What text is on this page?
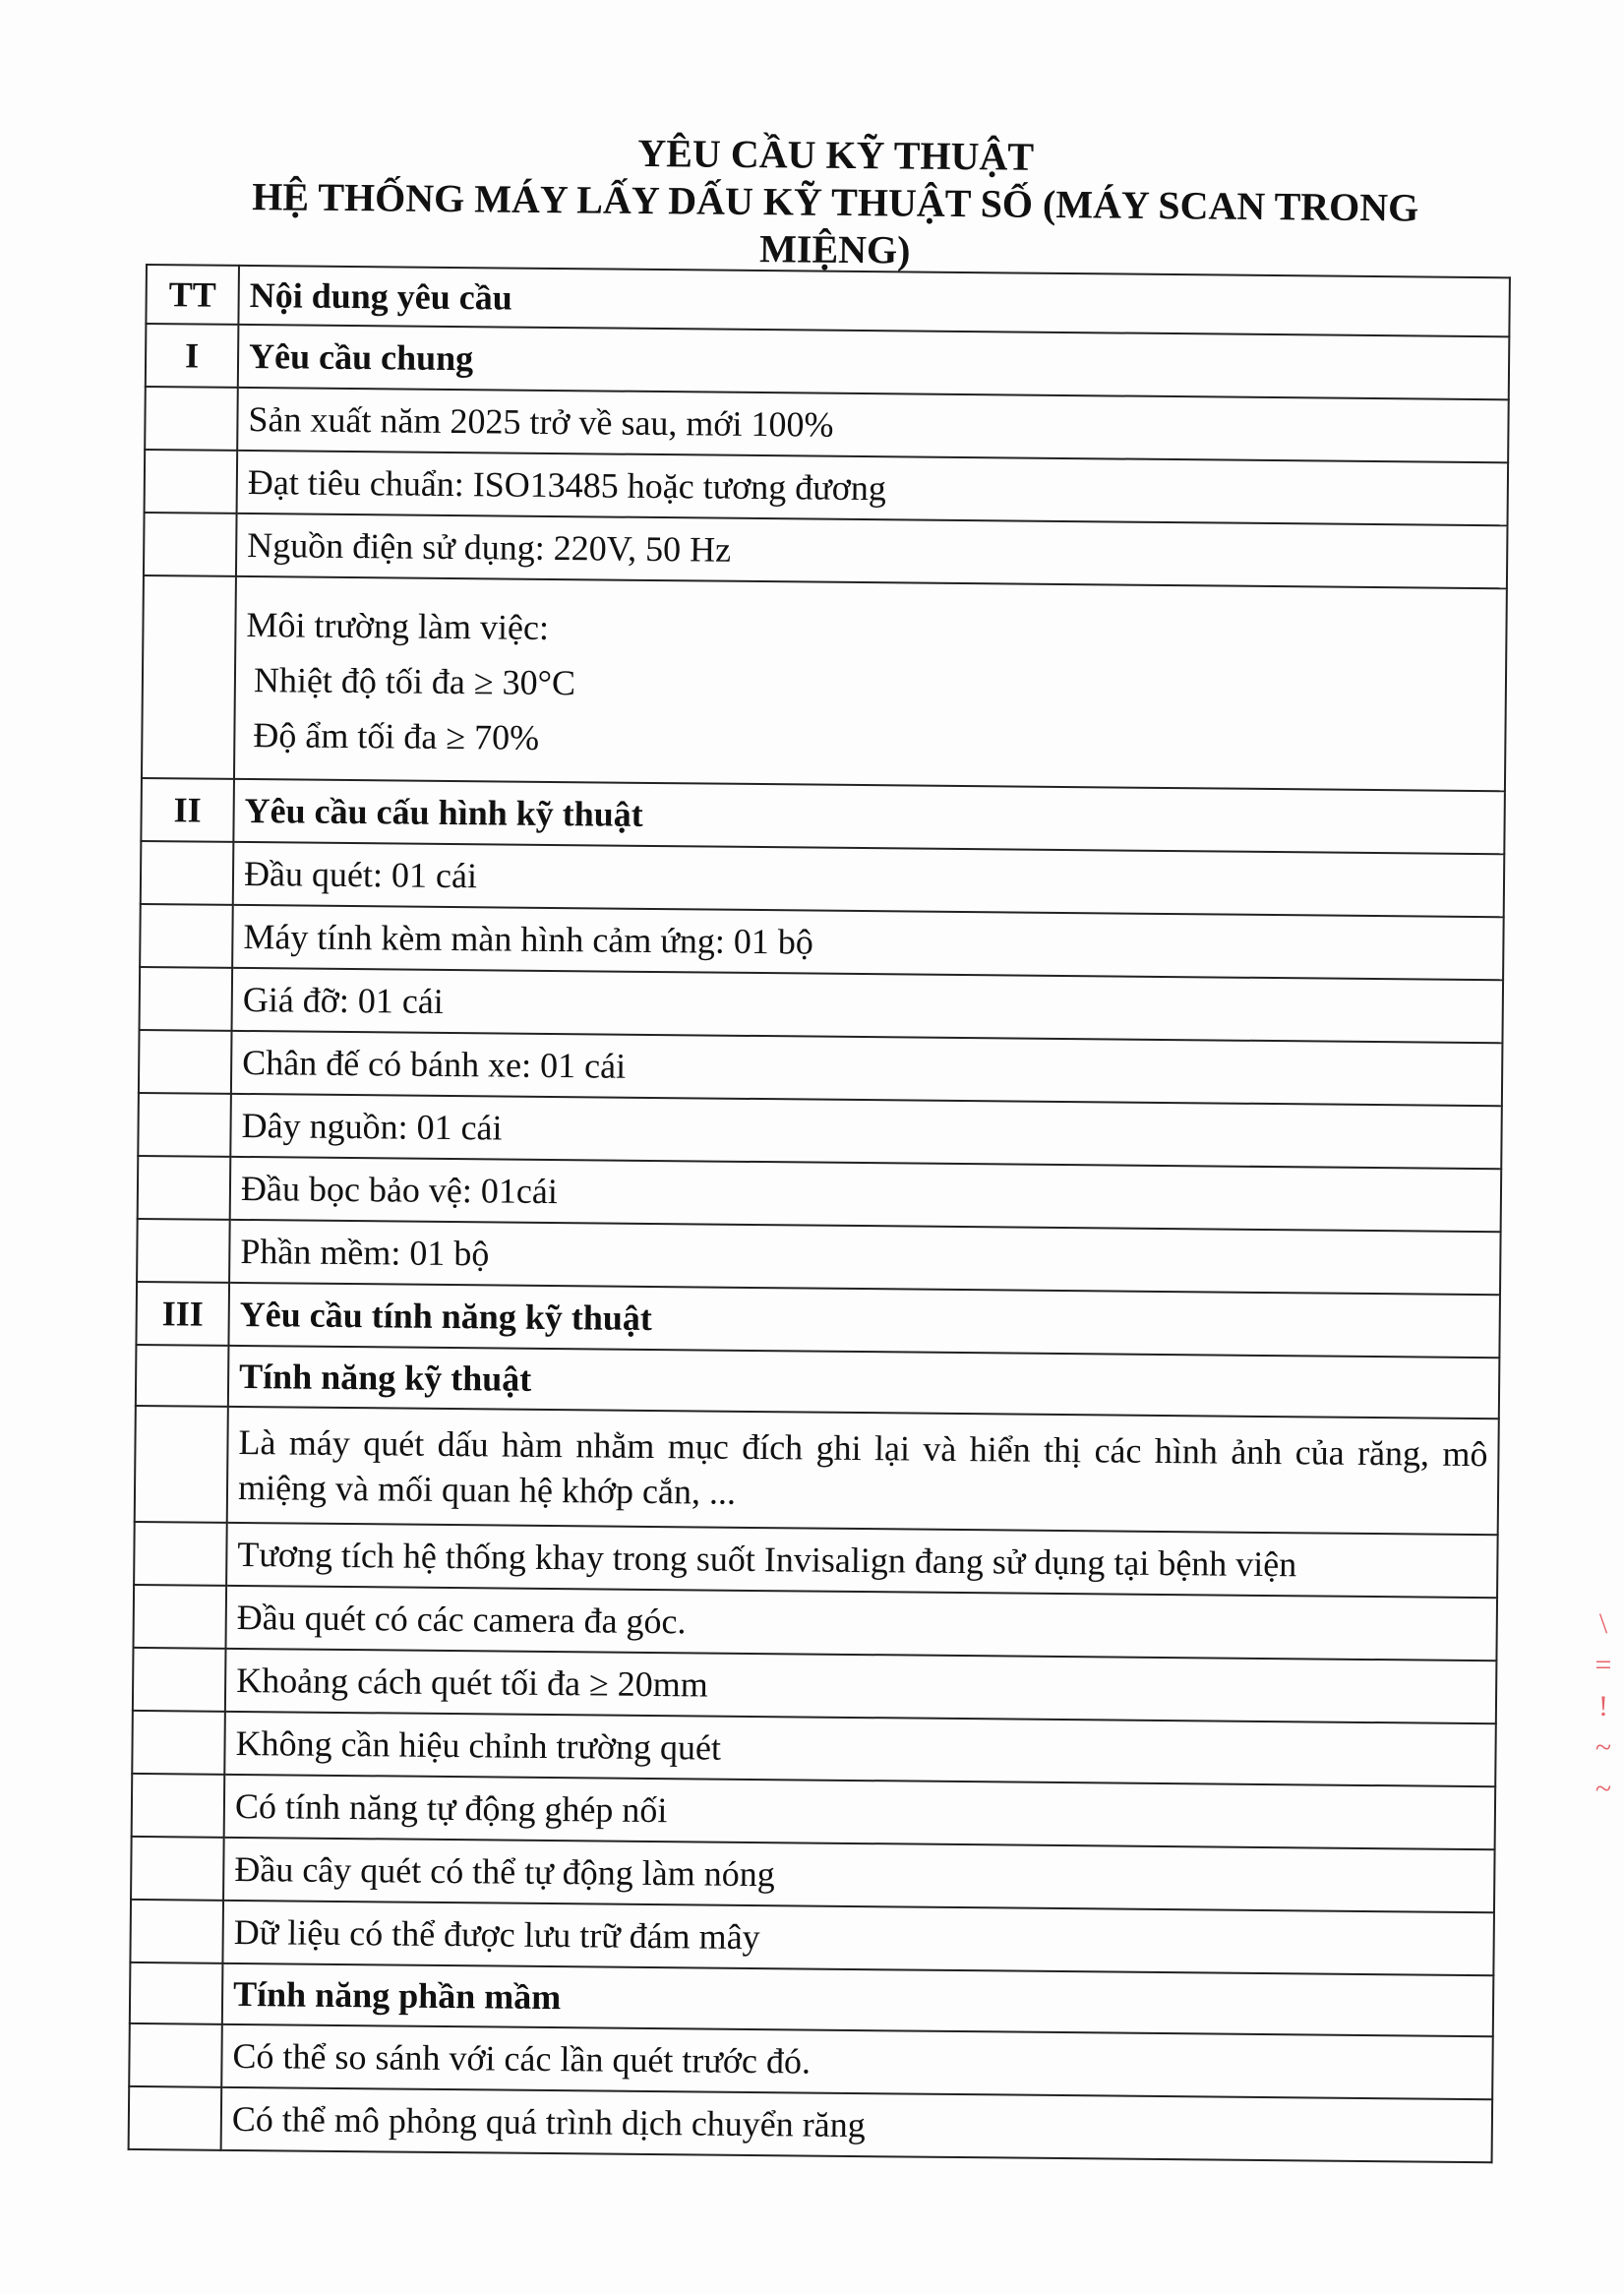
YÊU CẦU KỸ THUẬT
HỆ THỐNG MÁY LẤY DẤU KỸ THUẬT SỐ (MÁY SCAN TRONG
MIỆNG)
TT	Nội dung yêu cầu
I	Yêu cầu chung
	Sản xuất năm 2025 trở về sau, mới 100%
	Đạt tiêu chuẩn: ISO13485 hoặc tương đương
	Nguồn điện sử dụng: 220V, 50 Hz

	Môi trường làm việc:
Nhiệt độ tối đa ≥ 30°C
Độ ẩm tối đa ≥ 70%

II	Yêu cầu cấu hình kỹ thuật
	Đầu quét: 01 cái
	Máy tính kèm màn hình cảm ứng: 01 bộ
	Giá đỡ: 01 cái
	Chân đế có bánh xe: 01 cái
	Dây nguồn: 01 cái
	Đầu bọc bảo vệ: 01cái
	Phần mềm: 01 bộ
III	Yêu cầu tính năng kỹ thuật
	Tính năng kỹ thuật
	Là máy quét dấu hàm nhằm mục đích ghi lại và hiển thị các hình ảnh của răng, mô miệng và mối quan hệ khớp cắn, ...
	Tương tích hệ thống khay trong suốt Invisalign đang sử dụng tại bệnh viện
	Đầu quét có các camera đa góc.
	Khoảng cách quét tối đa ≥ 20mm
	Không cần hiệu chỉnh trường quét
	Có tính năng tự động ghép nối
	Đầu cây quét có thể tự động làm nóng
	Dữ liệu có thể được lưu trữ đám mây
	Tính năng phần mầm
	Có thể so sánh với các lần quét trước đó.
	Có thể mô phỏng quá trình dịch chuyển răng
\ = ! ~ ~
